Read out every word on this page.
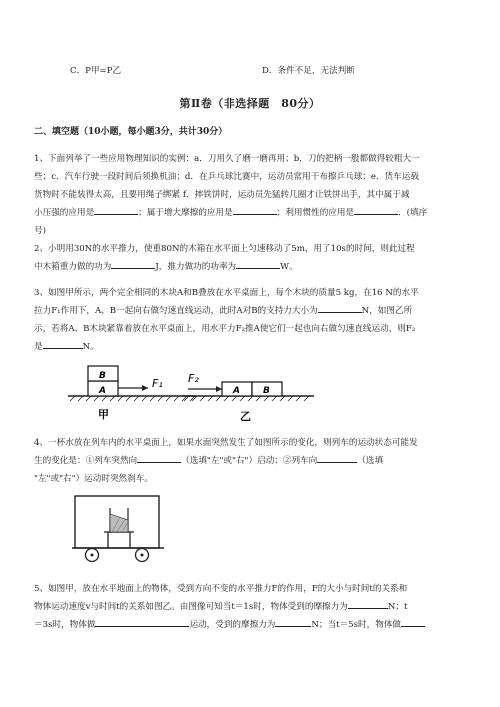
C．P甲=P乙	D．条件不足，无法判断
第Ⅱ卷（非选择题　80分）
二、填空题（10小题，每小题3分，共计30分）
1、下面列举了一些应用物理知识的实例：a．刀用久了磨一磨再用；b．刀的把柄一般都做得较粗大一
些；c．汽车行驶一段时间后须换机油；d．在乒乓球比赛中，运动员常用干布擦乒乓球；e．货车运载
货物时不能装得太高，且要用绳子绑紧 f．摔铁饼时，运动员先猛转几圈才让铁饼出手，其中属于减
小压强的应用是	；属于增大摩擦的应用是	；利用惯性的应用是	．(填序
号)
2、小明用30N的水平推力，使重80N的木箱在水平面上匀速移动了5m，用了10s的时间，则此过程
中木箱重力做的功为	J，推力做功的功率为	W。
3、如图甲所示，两个完全相同的木块A和B叠放在水平桌面上，每个木块的质量5 kg，在16 N的水平
拉力F₁作用下，A、B一起向右做匀速直线运动，此时A对B的支持力大小为	N，如图乙所
示，若将A、B木块紧靠着放在水平桌面上，用水平力F₂推A使它们一起也向右做匀速直线运动，则F₂
是	N。
A
B
F₁
甲
A	B
F₂
乙
4、一杯水放在列车内的水平桌面上，如果水面突然发生了如图所示的变化，则列车的运动状态可能发
生的变化是：①列车突然向	（选填"左"或"右"）启动；②列车向	（选填
"左"或"右"）运动时突然刹车。
5、如图甲，放在水平地面上的物体，受到方向不变的水平推力F的作用，F的大小与时间t的关系和
物体运动速度v与时间t的关系如图乙。由图像可知当t＝1s时，物体受到的摩擦力为	N；t
＝3s时，物体做	运动，受到的摩擦力为	N；当t＝5s时，物体做
